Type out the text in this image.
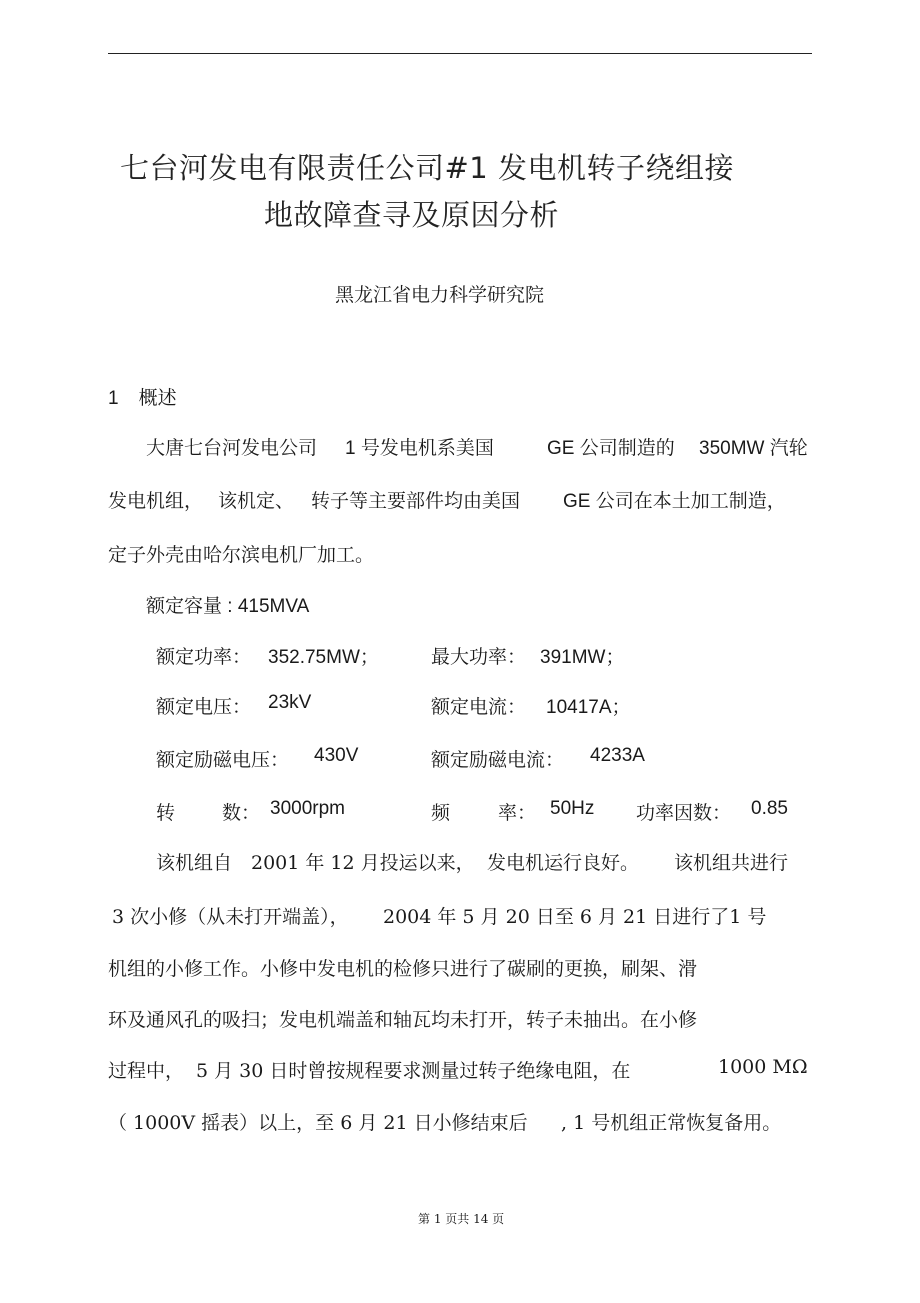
七台河发电有限责任公司#1 发电机转子绕组接
地故障查寻及原因分析
黑龙江省电力科学研究院
1 概述
大唐七台河发电公司 1 号发电机系美国	GE 公司制造的 350MW 汽轮
发电机组， 该机定、 转子等主要部件均由美国 GE 公司在本土加工制造，
定子外壳由哈尔滨电机厂加工。
额定容量 : 415MVA
额定功率： 352.75MW；	最大功率： 391MW；
额定电压： 23kV	额定电流： 10417A；
额定励磁电压： 430V	额定励磁电流： 4233A
转 数： 3000rpm	频	率： 50Hz 功率因数： 0.85
该机组自 2001 年 12 月投运以来， 发电机运行良好。 该机组共进行
3 次小修（从未打开端盖）， 2004 年 5 月 20 日至 6 月 21 日进行了1 号
机组的小修工作。小修中发电机的检修只进行了碳刷的更换，刷架、滑
环及通风孔的吸扫；发电机端盖和轴瓦均未打开，转子未抽出。在小修
过程中， 5 月 30 日时曾按规程要求测量过转子绝缘电阻，在	1000 MΩ
（ 1000V 摇表）以上，至 6 月 21 日小修结束后 , 1 号机组正常恢复备用。
第 1 页共 14 页
